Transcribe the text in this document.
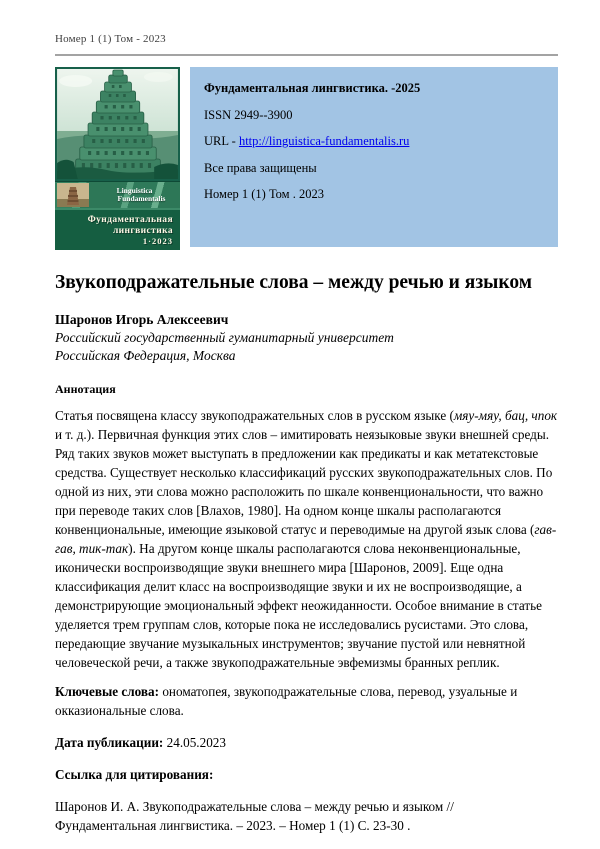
Номер 1 (1) Том - 2023
Linguistica
Fundamentalis
Фундаментальная
лингвистика
1·2023
Фундаментальная лингвистика. -2025
ISSN 2949--3900
URL - http://linguistica-fundamentalis.ru
Все права защищены
Номер 1 (1) Том . 2023
Звукоподражательные слова – между речью и языком
Шаронов Игорь Алексеевич
Российский государственный гуманитарный университет
Российская Федерация, Москва
Аннотация

Статья посвящена классу звукоподражательных слов в русском языке (мяу-мяу, бац, чпок и т. д.). Первичная функция этих слов – имитировать неязыковые звуки внешней среды. Ряд таких звуков может выступать в предложении как предикаты и как метатекстовые средства. Существует несколько классификаций русских звукоподражательных слов. По одной из них, эти слова можно расположить по шкале конвенциональности, что важно при переводе таких слов [Влахов, 1980]. На одном конце шкалы располагаются конвенциональные, имеющие языковой статус и переводимые на другой язык слова (гав-гав, тик-так). На другом конце шкалы располагаются слова неконвенциональные, иконически воспроизводящие звуки внешнего мира [Шаронов, 2009]. Еще одна классификация делит класс на воспроизводящие звуки и их не воспроизводящие, а демонстрирующие эмоциональный эффект неожиданности. Особое внимание в статье уделяется трем группам слов, которые пока не исследовались русистами. Это слова, передающие звучание музыкальных инструментов; звучание пустой или невнятной человеческой речи, а также звукоподражательные эвфемизмы бранных реплик.

Ключевые слова: ономатопея, звукоподражательные слова, перевод, узуальные и окказиональные слова.

Дата публикации: 24.05.2023

Ссылка для цитирования:

Шаронов И. А. Звукоподражательные слова – между речью и языком // Фундаментальная лингвистика. – 2023. – Номер 1 (1) С. 23-30 .
